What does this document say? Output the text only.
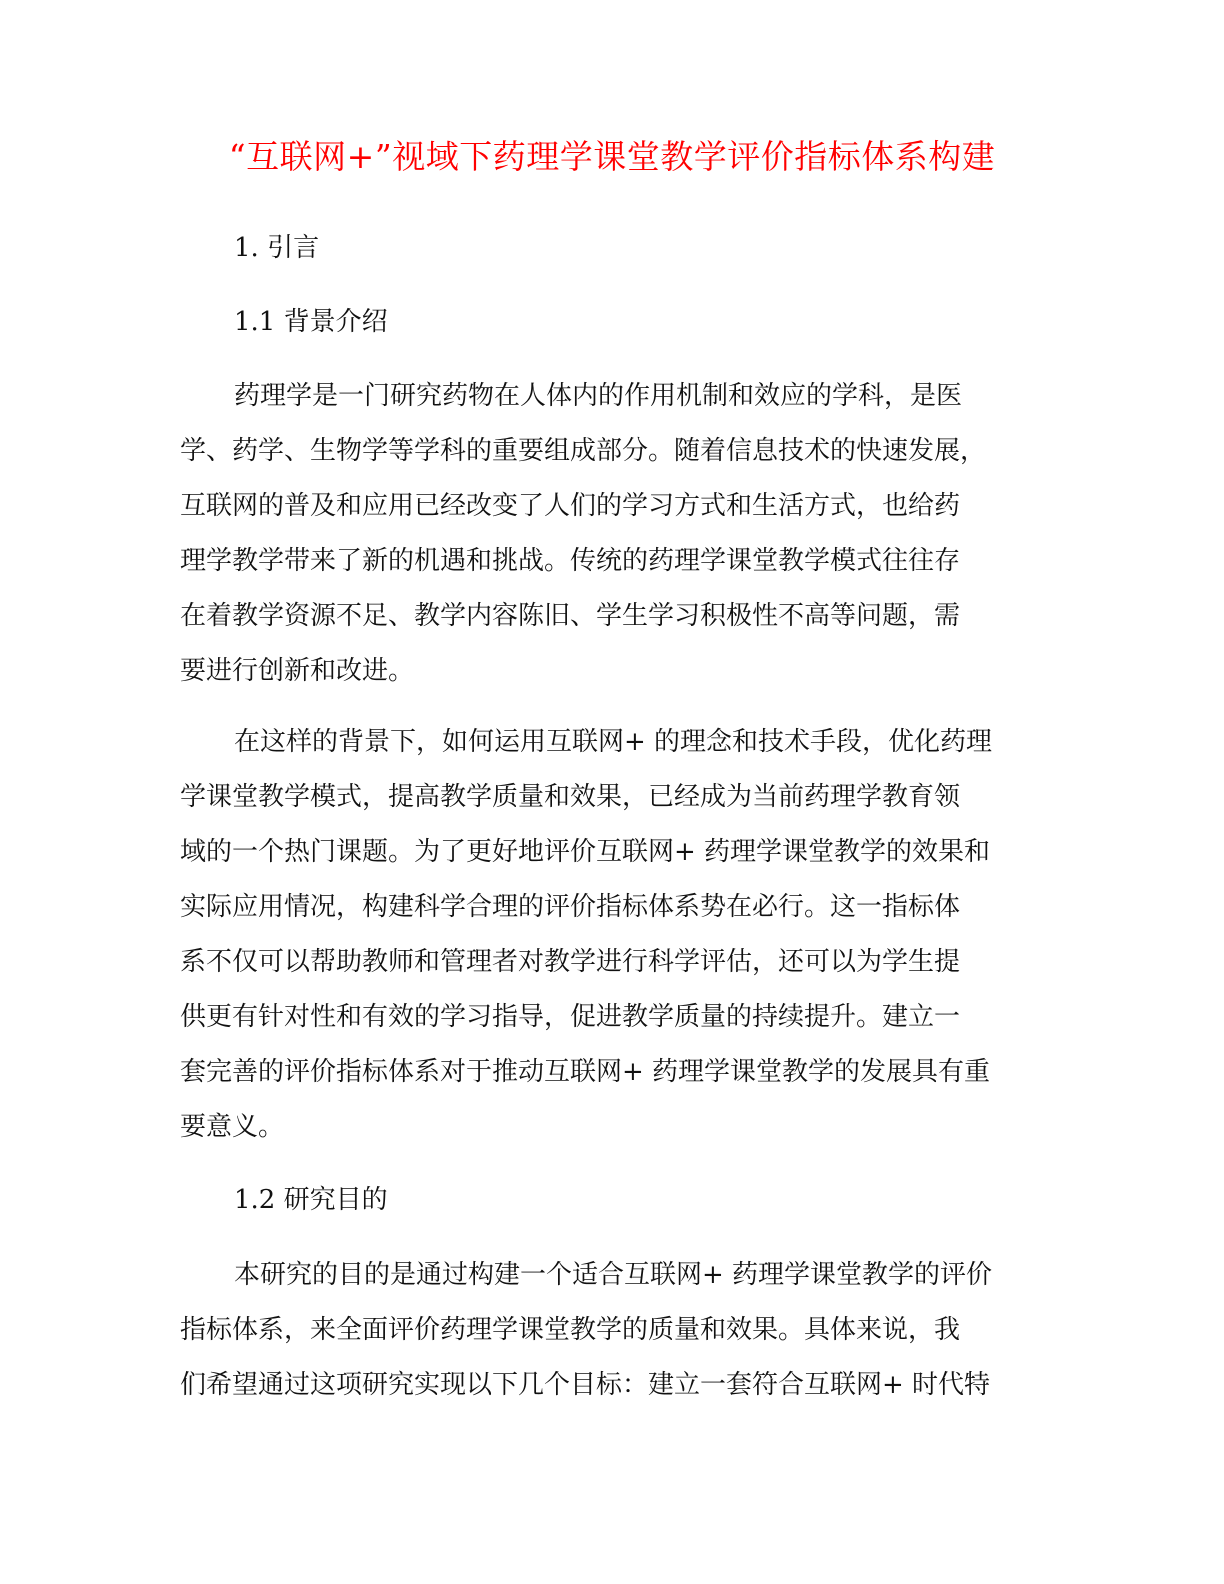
“互联网+”视域下药理学课堂教学评价指标体系构建
1. 引言
1.1 背景介绍
药理学是一门研究药物在人体内的作用机制和效应的学科，是医
学、药学、生物学等学科的重要组成部分。随着信息技术的快速发展，
互联网的普及和应用已经改变了人们的学习方式和生活方式，也给药
理学教学带来了新的机遇和挑战。传统的药理学课堂教学模式往往存
在着教学资源不足、教学内容陈旧、学生学习积极性不高等问题，需
要进行创新和改进。
在这样的背景下，如何运用互联网+ 的理念和技术手段，优化药理
学课堂教学模式，提高教学质量和效果，已经成为当前药理学教育领
域的一个热门课题。为了更好地评价互联网+ 药理学课堂教学的效果和
实际应用情况，构建科学合理的评价指标体系势在必行。这一指标体
系不仅可以帮助教师和管理者对教学进行科学评估，还可以为学生提
供更有针对性和有效的学习指导，促进教学质量的持续提升。建立一
套完善的评价指标体系对于推动互联网+ 药理学课堂教学的发展具有重
要意义。
1.2 研究目的
本研究的目的是通过构建一个适合互联网+ 药理学课堂教学的评价
指标体系，来全面评价药理学课堂教学的质量和效果。具体来说，我
们希望通过这项研究实现以下几个目标：建立一套符合互联网+ 时代特
